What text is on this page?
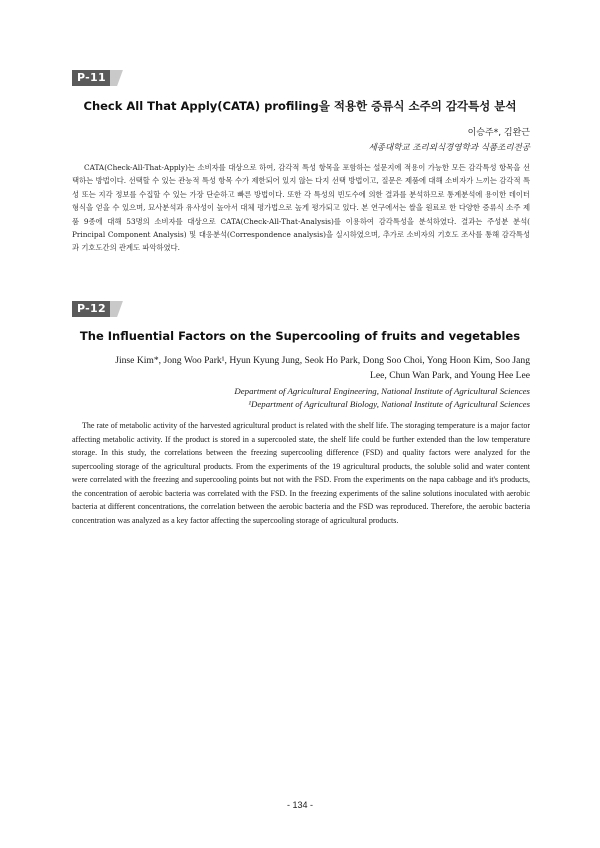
P-11
Check All That Apply(CATA) profiling을 적용한 증류식 소주의 감각특성 분석
이승주*, 김완근
세종대학교 조리외식경영학과 식품조리전공

CATA(Check-All-That-Apply)는 소비자를 대상으로 하여, 감각적 특성 항목을 포함하는 설문지에 적용이 가능한 모든 감각특성 항목을 선택하는 방법이다. 선택할 수 있는 관능적 특성 항목 수가 제한되어 있지 않는 다지 선택 방법이고, 질문은 제품에 대해 소비자가 느끼는 감각적 특성 또는 지각 정보를 수집할 수 있는 가장 단순하고 빠른 방법이다. 또한 각 특성의 빈도수에 의한 결과를 분석하므로 통계분석에 용이한 데이터 형식을 얻을 수 있으며, 묘사분석과 유사성이 높아서 대체 평가법으로 높게 평가되고 있다. 본 연구에서는 쌀을 원료로 한 다양한 증류식 소주 제품 9종에 대해 53명의 소비자를 대상으로 CATA(Check-All-That-Analysis)를 이용하여 감각특성을 분석하였다. 결과는 주성분 분석( Principal Component Analysis) 및 대응분석(Correspondence analysis)을 실시하였으며, 추가로 소비자의 기호도 조사를 통해 감각특성과 기호도간의 관계도 파악하였다.

P-12
The Influential Factors on the Supercooling of fruits and vegetables
Jinse Kim*, Jong Woo Park¹, Hyun Kyung Jung, Seok Ho Park, Dong Soo Choi, Yong Hoon Kim, Soo Jang
Lee, Chun Wan Park, and Young Hee Lee
Department of Agricultural Engineering, National Institute of Agricultural Sciences
¹Department of Agricultural Biology, National Institute of Agricultural Sciences

The rate of metabolic activity of the harvested agricultural product is related with the shelf life. The storaging temperature is a major factor affecting metabolic activity. If the product is stored in a supercooled state, the shelf life could be further extended than the low temperature storage. In this study, the correlations between the freezing supercooling difference (FSD) and quality factors were analyzed for the supercooling storage of the agricultural products. From the experiments of the 19 agricultural products, the soluble solid and water content were correlated with the freezing and supercooling points but not with the FSD. From the experiments on the napa cabbage and it's products, the concentration of aerobic bacteria was correlated with the FSD. In the freezing experiments of the saline solutions inoculated with aerobic bacteria at different concentrations, the correlation between the aerobic bacteria and the FSD was reproduced. Therefore, the aerobic bacteria concentration was analyzed as a key factor affecting the supercooling storage of agricultural products.

- 134 -
